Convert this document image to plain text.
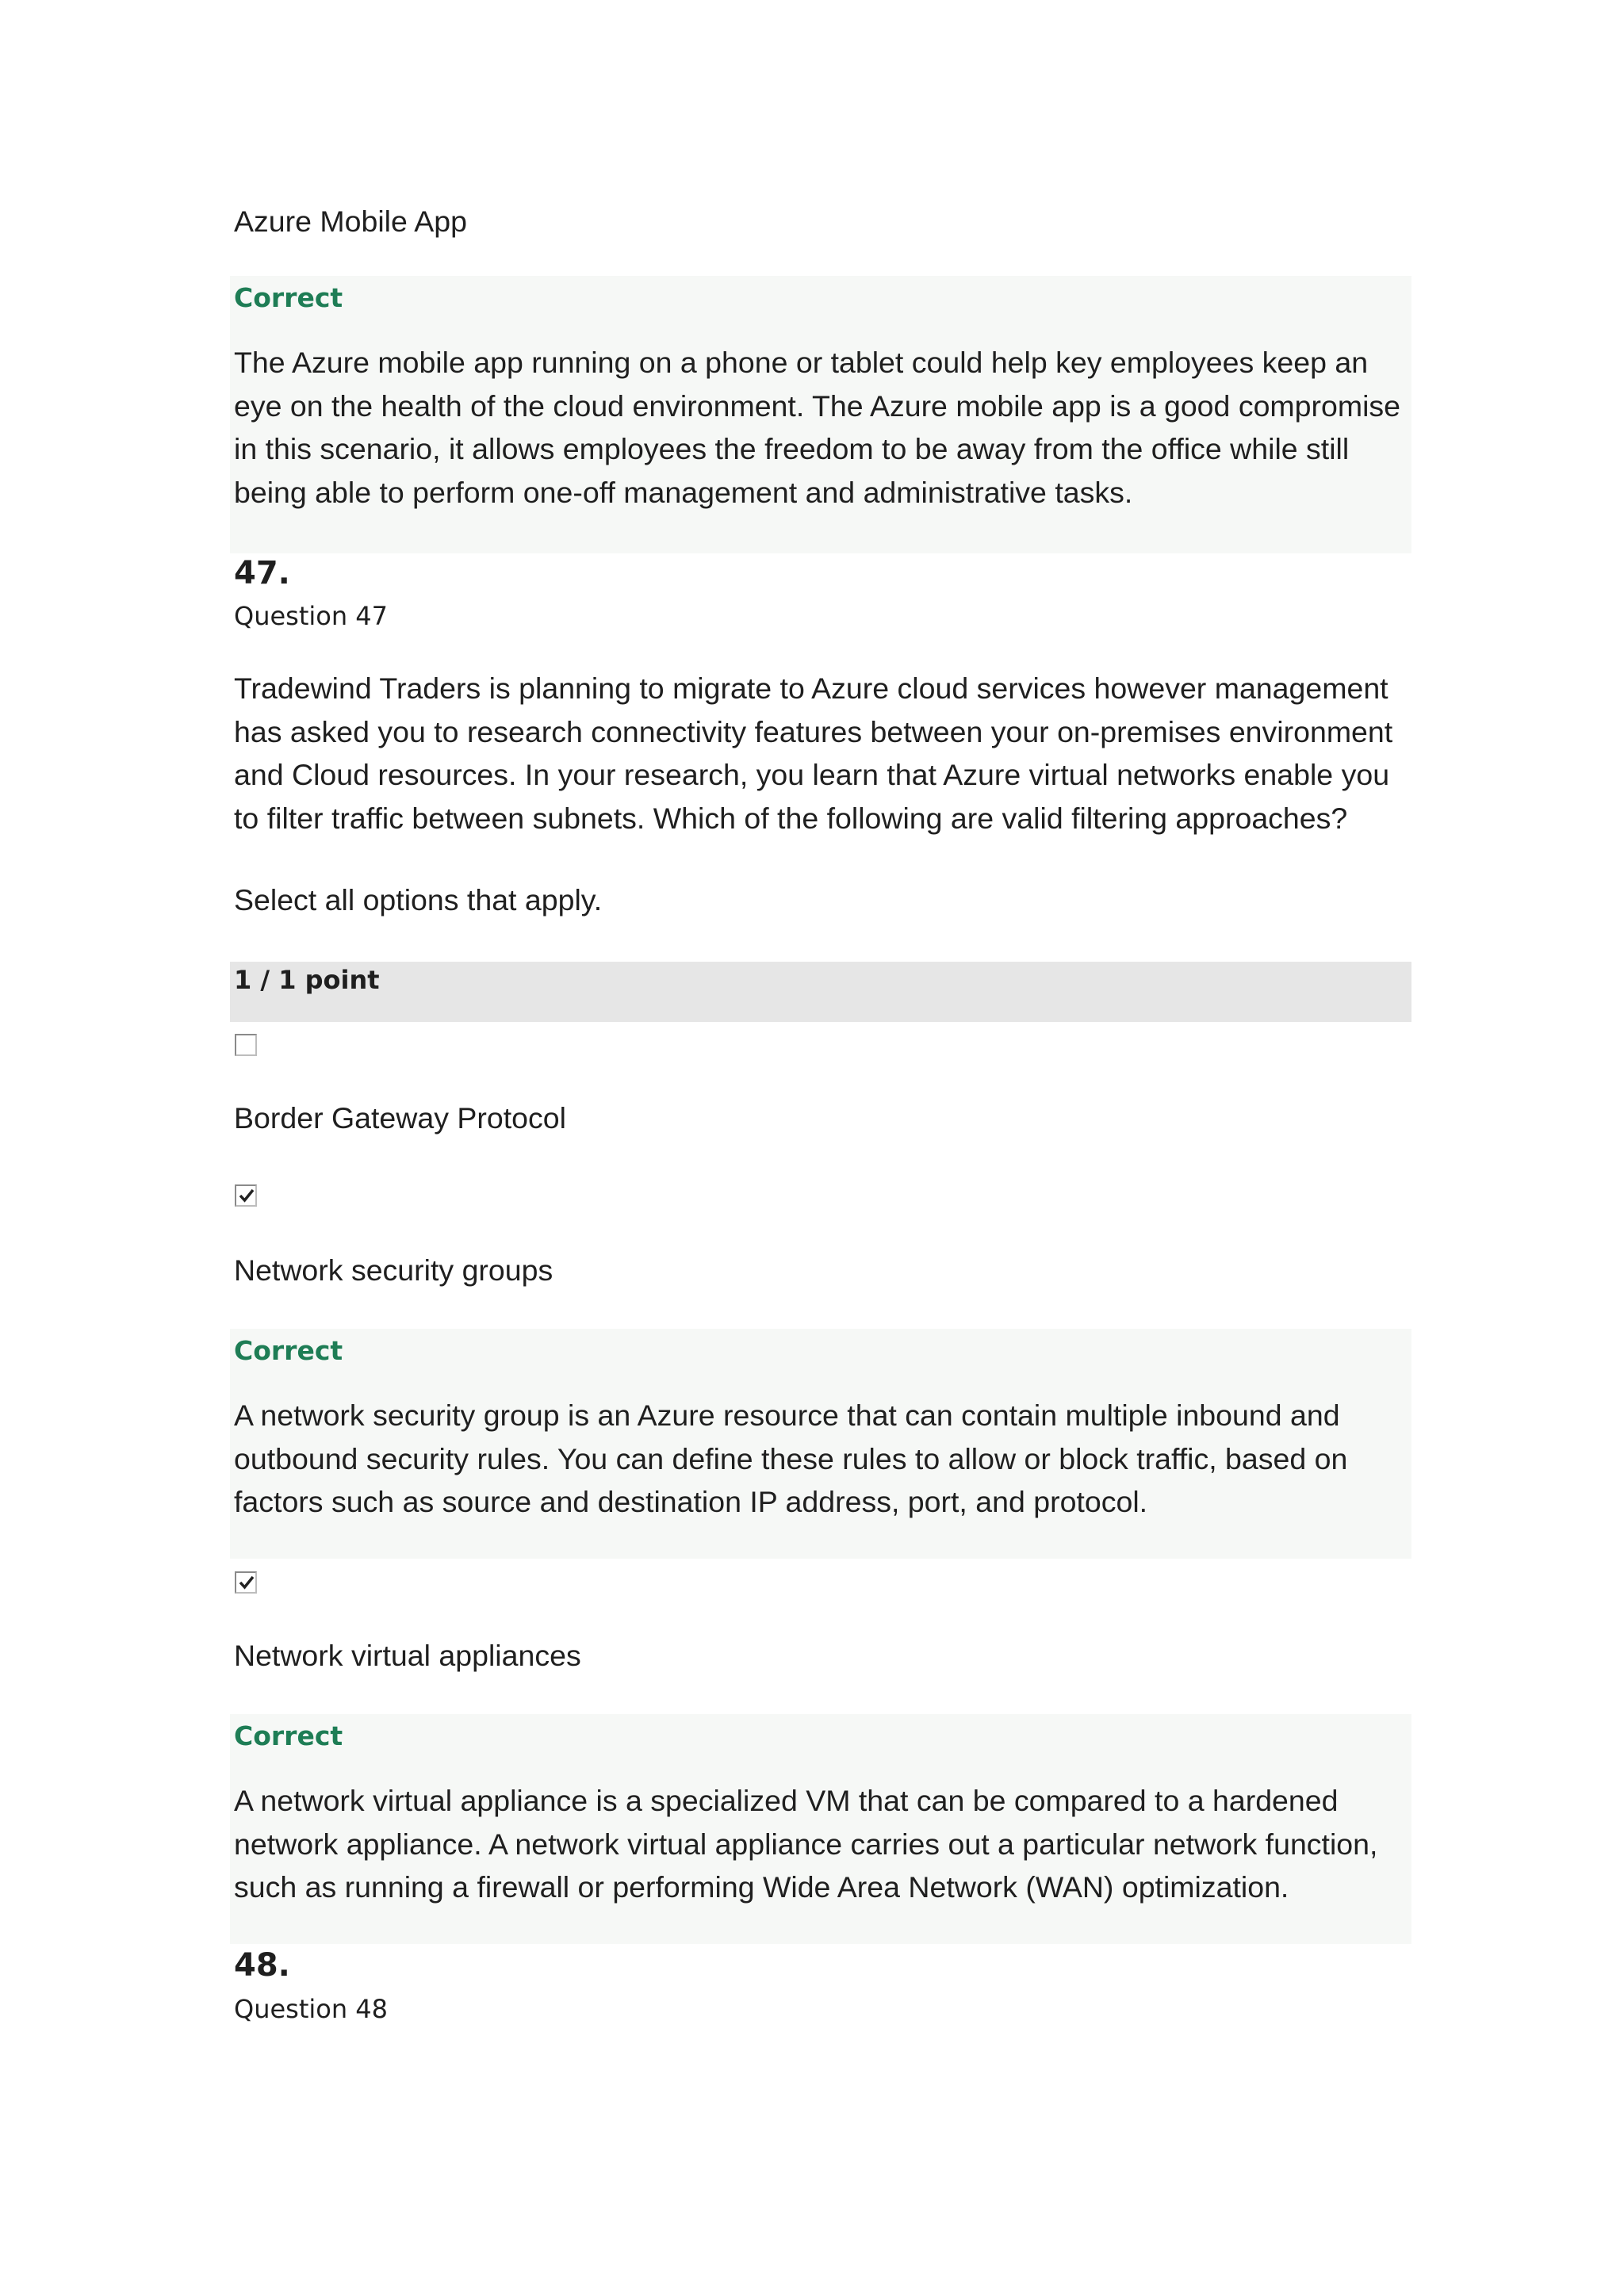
Azure Mobile App

Correct

The Azure mobile app running on a phone or tablet could help key employees keep an eye on the health of the cloud environment. The Azure mobile app is a good compromise in this scenario, it allows employees the freedom to be away from the office while still being able to perform one-off management and administrative tasks.

47.

Question 47

Tradewind Traders is planning to migrate to Azure cloud services however management has asked you to research connectivity features between your on-premises environment and Cloud resources. In your research, you learn that Azure virtual networks enable you to filter traffic between subnets. Which of the following are valid filtering approaches?

Select all options that apply.

1 / 1 point

Border Gateway Protocol

Network security groups

Correct

A network security group is an Azure resource that can contain multiple inbound and outbound security rules. You can define these rules to allow or block traffic, based on factors such as source and destination IP address, port, and protocol.

Network virtual appliances

Correct

A network virtual appliance is a specialized VM that can be compared to a hardened network appliance. A network virtual appliance carries out a particular network function, such as running a firewall or performing Wide Area Network (WAN) optimization.

48.

Question 48
